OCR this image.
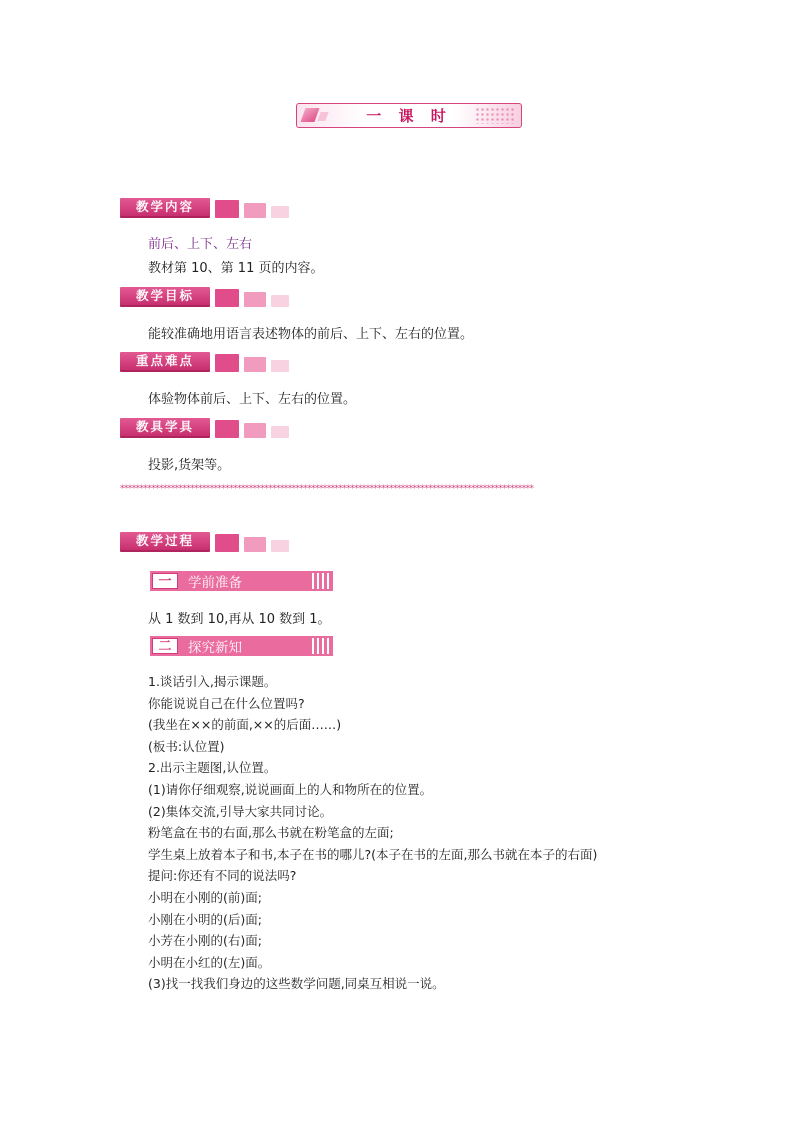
一 课 时
教学内容
前后、上下、左右
教材第 10、第 11 页的内容。
教学目标
能较准确地用语言表述物体的前后、上下、左右的位置。
重点难点
体验物体前后、上下、左右的位置。
教具学具
投影,货架等。
**********************************************************************************************************
教学过程
一	学前准备
从 1 数到 10,再从 10 数到 1。
二	探究新知
1.谈话引入,揭示课题。
你能说说自己在什么位置吗?
(我坐在××的前面,××的后面……)
(板书:认位置)
2.出示主题图,认位置。
(1)请你仔细观察,说说画面上的人和物所在的位置。
(2)集体交流,引导大家共同讨论。
粉笔盒在书的右面,那么书就在粉笔盒的左面;
学生桌上放着本子和书,本子在书的哪儿?(本子在书的左面,那么书就在本子的右面)
提问:你还有不同的说法吗?
小明在小刚的(前)面;
小刚在小明的(后)面;
小芳在小刚的(右)面;
小明在小红的(左)面。
(3)找一找我们身边的这些数学问题,同桌互相说一说。
